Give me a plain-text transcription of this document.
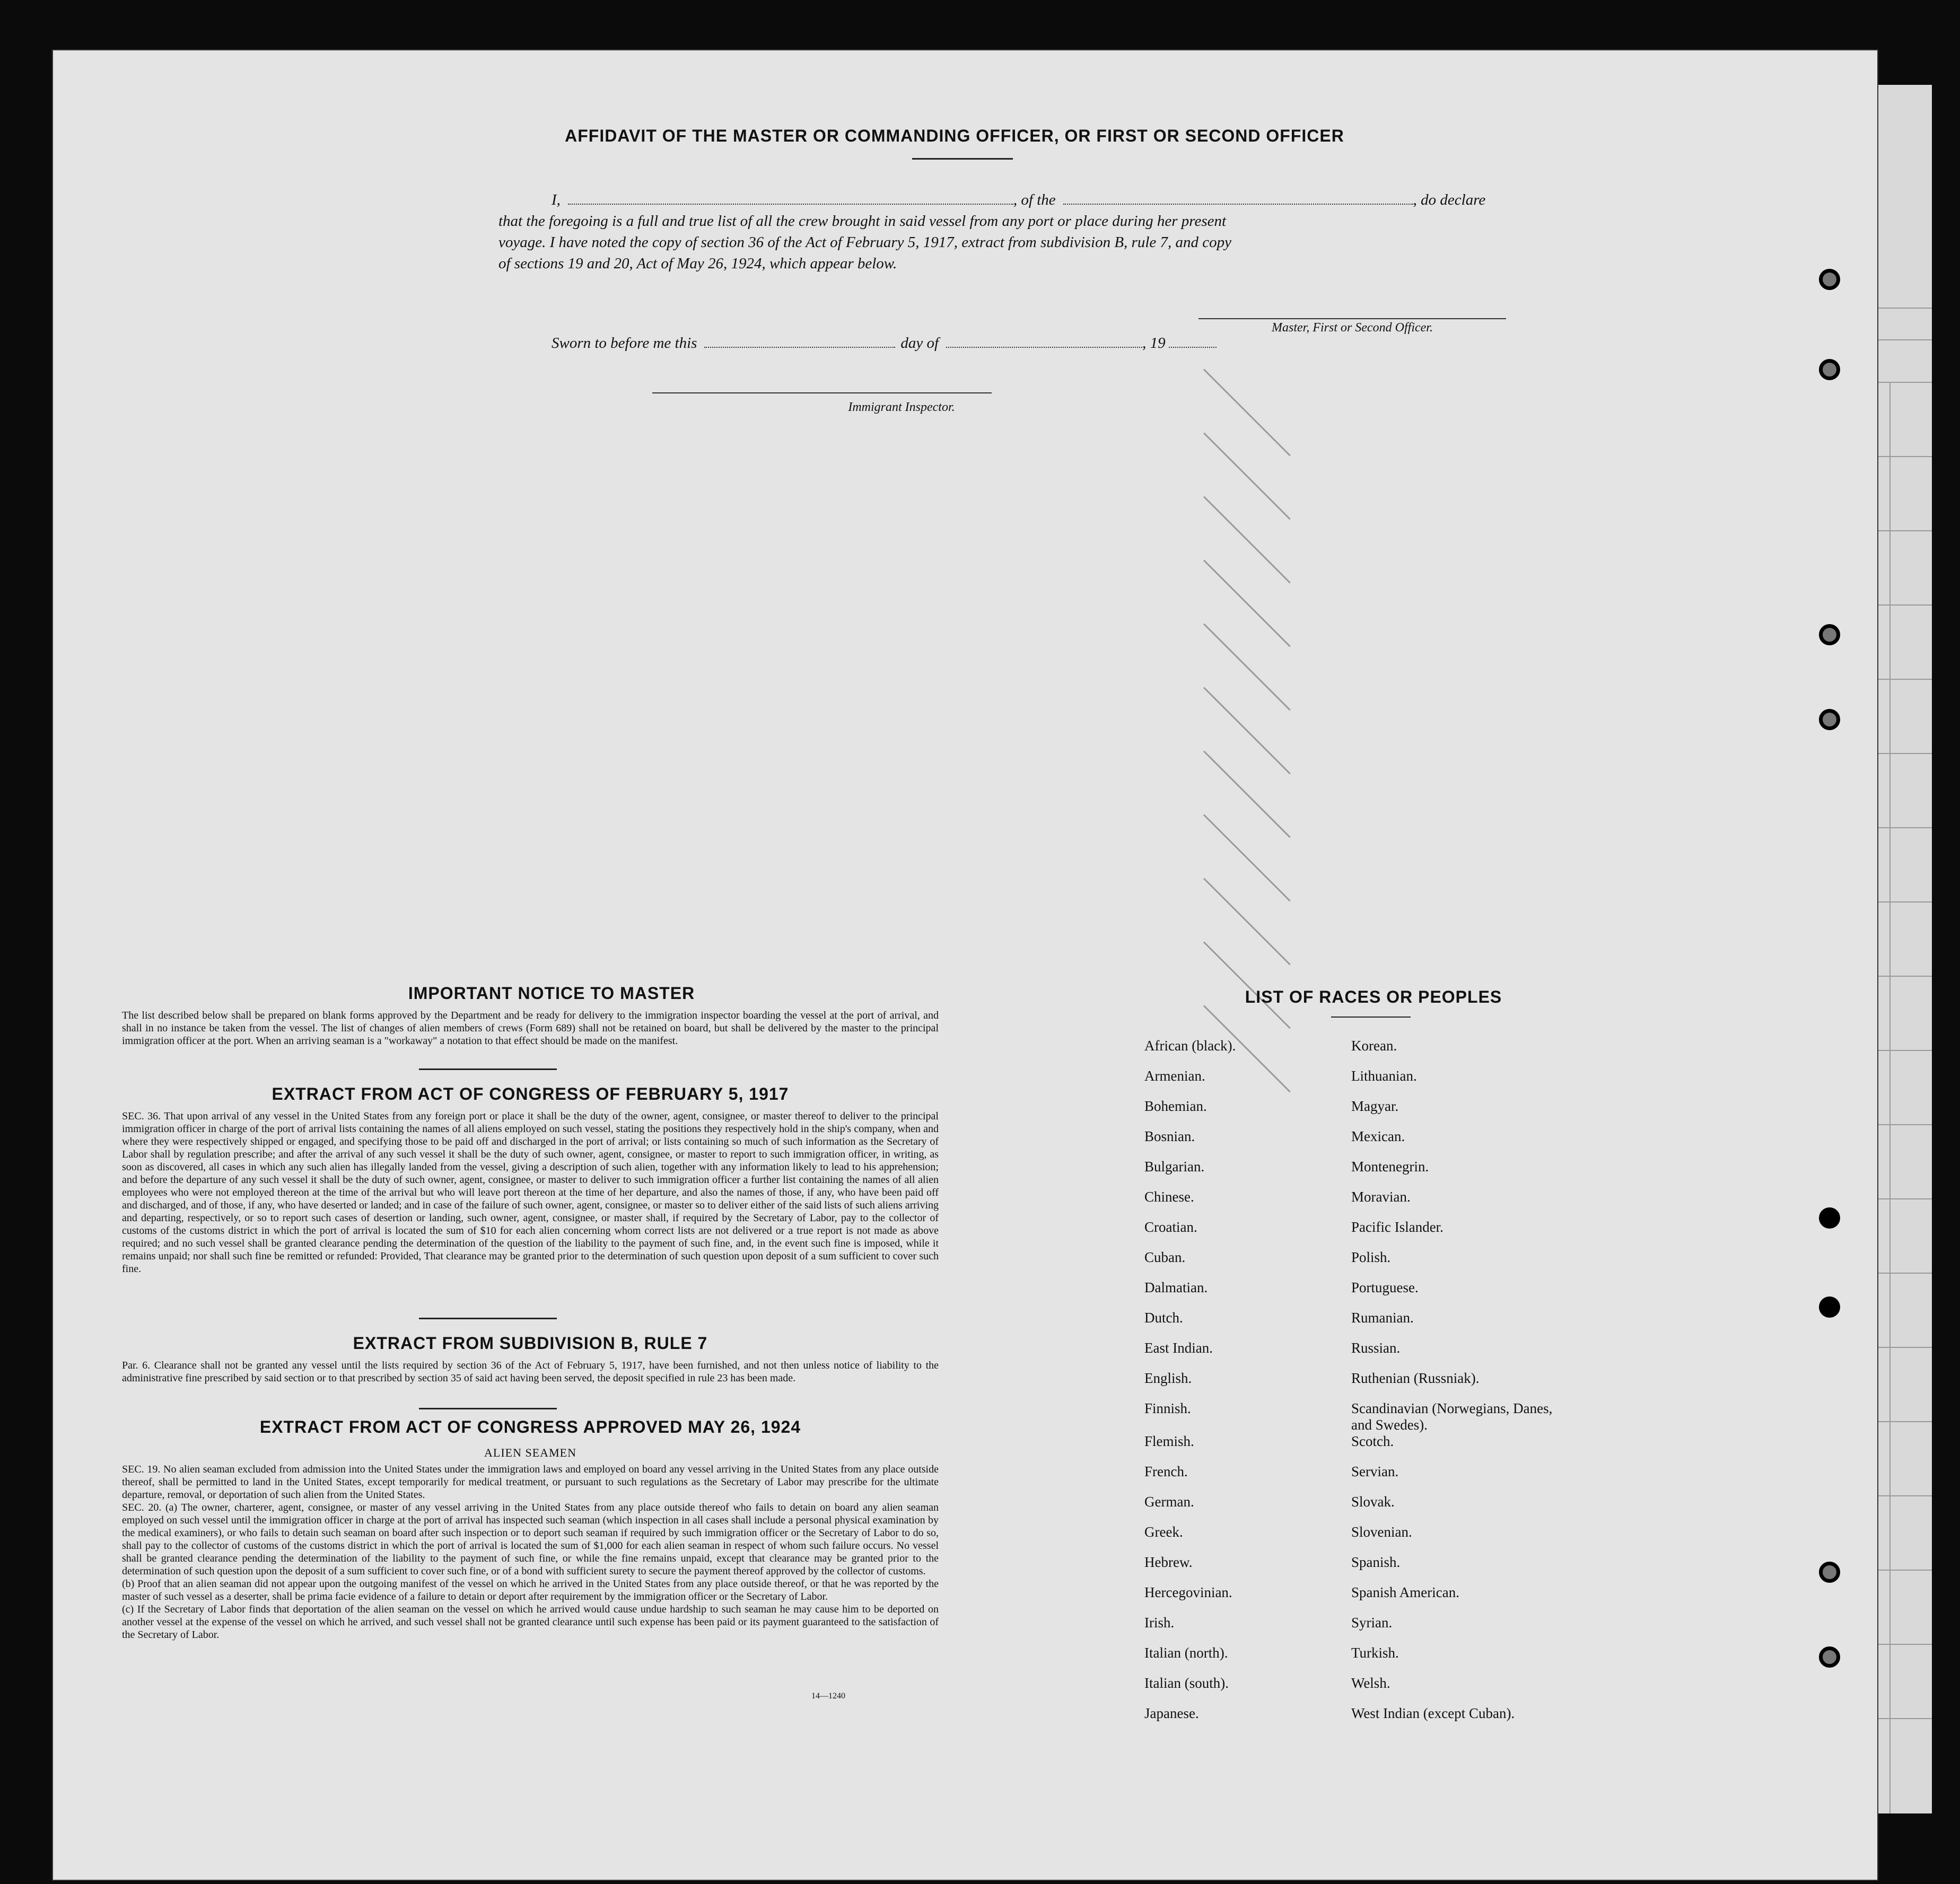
AFFIDAVIT OF THE MASTER OR COMMANDING OFFICER, OR FIRST OR SECOND OFFICER
I,	, of the	, do declare
that the foregoing is a full and true list of all the crew brought in said vessel from any port or place during her present
voyage. I have noted the copy of section 36 of the Act of February 5, 1917, extract from subdivision B, rule 7, and copy
of sections 19 and 20, Act of May 26, 1924, which appear below.
Master, First or Second Officer.
Sworn to before me this	day of	, 19
Immigrant Inspector.
IMPORTANT NOTICE TO MASTER
The list described below shall be prepared on blank forms approved by the Department and be ready for delivery to the immigration inspector boarding the vessel at the port of arrival, and shall in no instance be taken from the vessel. The list of changes of alien members of crews (Form 689) shall not be retained on board, but shall be delivered by the master to the principal immigration officer at the port. When an arriving seaman is a "workaway" a notation to that effect should be made on the manifest.
EXTRACT FROM ACT OF CONGRESS OF FEBRUARY 5, 1917
SEC. 36. That upon arrival of any vessel in the United States from any foreign port or place it shall be the duty of the owner, agent, consignee, or master thereof to deliver to the principal immigration officer in charge of the port of arrival lists containing the names of all aliens employed on such vessel, stating the positions they respectively hold in the ship's company, when and where they were respectively shipped or engaged, and specifying those to be paid off and discharged in the port of arrival; or lists containing so much of such information as the Secretary of Labor shall by regulation prescribe; and after the arrival of any such vessel it shall be the duty of such owner, agent, consignee, or master to report to such immigration officer, in writing, as soon as discovered, all cases in which any such alien has illegally landed from the vessel, giving a description of such alien, together with any information likely to lead to his apprehension; and before the departure of any such vessel it shall be the duty of such owner, agent, consignee, or master to deliver to such immigration officer a further list containing the names of all alien employees who were not employed thereon at the time of the arrival but who will leave port thereon at the time of her departure, and also the names of those, if any, who have been paid off and discharged, and of those, if any, who have deserted or landed; and in case of the failure of such owner, agent, consignee, or master so to deliver either of the said lists of such aliens arriving and departing, respectively, or so to report such cases of desertion or landing, such owner, agent, consignee, or master shall, if required by the Secretary of Labor, pay to the collector of customs of the customs district in which the port of arrival is located the sum of $10 for each alien concerning whom correct lists are not delivered or a true report is not made as above required; and no such vessel shall be granted clearance pending the determination of the question of the liability to the payment of such fine, and, in the event such fine is imposed, while it remains unpaid; nor shall such fine be remitted or refunded: Provided, That clearance may be granted prior to the determination of such question upon deposit of a sum sufficient to cover such fine.
EXTRACT FROM SUBDIVISION B, RULE 7
Par. 6. Clearance shall not be granted any vessel until the lists required by section 36 of the Act of February 5, 1917, have been furnished, and not then unless notice of liability to the administrative fine prescribed by said section or to that prescribed by section 35 of said act having been served, the deposit specified in rule 23 has been made.
EXTRACT FROM ACT OF CONGRESS APPROVED MAY 26, 1924
ALIEN SEAMEN
SEC. 19. No alien seaman excluded from admission into the United States under the immigration laws and employed on board any vessel arriving in the United States from any place outside thereof, shall be permitted to land in the United States, except temporarily for medical treatment, or pursuant to such regulations as the Secretary of Labor may prescribe for the ultimate departure, removal, or deportation of such alien from the United States.
SEC. 20. (a) The owner, charterer, agent, consignee, or master of any vessel arriving in the United States from any place outside thereof who fails to detain on board any alien seaman employed on such vessel until the immigration officer in charge at the port of arrival has inspected such seaman (which inspection in all cases shall include a personal physical examination by the medical examiners), or who fails to detain such seaman on board after such inspection or to deport such seaman if required by such immigration officer or the Secretary of Labor to do so, shall pay to the collector of customs of the customs district in which the port of arrival is located the sum of $1,000 for each alien seaman in respect of whom such failure occurs. No vessel shall be granted clearance pending the determination of the liability to the payment of such fine, or while the fine remains unpaid, except that clearance may be granted prior to the determination of such question upon the deposit of a sum sufficient to cover such fine, or of a bond with sufficient surety to secure the payment thereof approved by the collector of customs.
(b) Proof that an alien seaman did not appear upon the outgoing manifest of the vessel on which he arrived in the United States from any place outside thereof, or that he was reported by the master of such vessel as a deserter, shall be prima facie evidence of a failure to detain or deport after requirement by the immigration officer or the Secretary of Labor.
(c) If the Secretary of Labor finds that deportation of the alien seaman on the vessel on which he arrived would cause undue hardship to such seaman he may cause him to be deported on another vessel at the expense of the vessel on which he arrived, and such vessel shall not be granted clearance until such expense has been paid or its payment guaranteed to the satisfaction of the Secretary of Labor.
14—1240
LIST OF RACES OR PEOPLES
African (black).	Korean.
Armenian.	Lithuanian.
Bohemian.	Magyar.
Bosnian.	Mexican.
Bulgarian.	Montenegrin.
Chinese.	Moravian.
Croatian.	Pacific Islander.
Cuban.	Polish.
Dalmatian.	Portuguese.
Dutch.	Rumanian.
East Indian.	Russian.
English.	Ruthenian (Russniak).
Finnish.	Scandinavian (Norwegians, Danes, and Swedes).
Flemish.	Scotch.
French.	Servian.
German.	Slovak.
Greek.	Slovenian.
Hebrew.	Spanish.
Hercegovinian.	Spanish American.
Irish.	Syrian.
Italian (north).	Turkish.
Italian (south).	Welsh.
Japanese.	West Indian (except Cuban).
